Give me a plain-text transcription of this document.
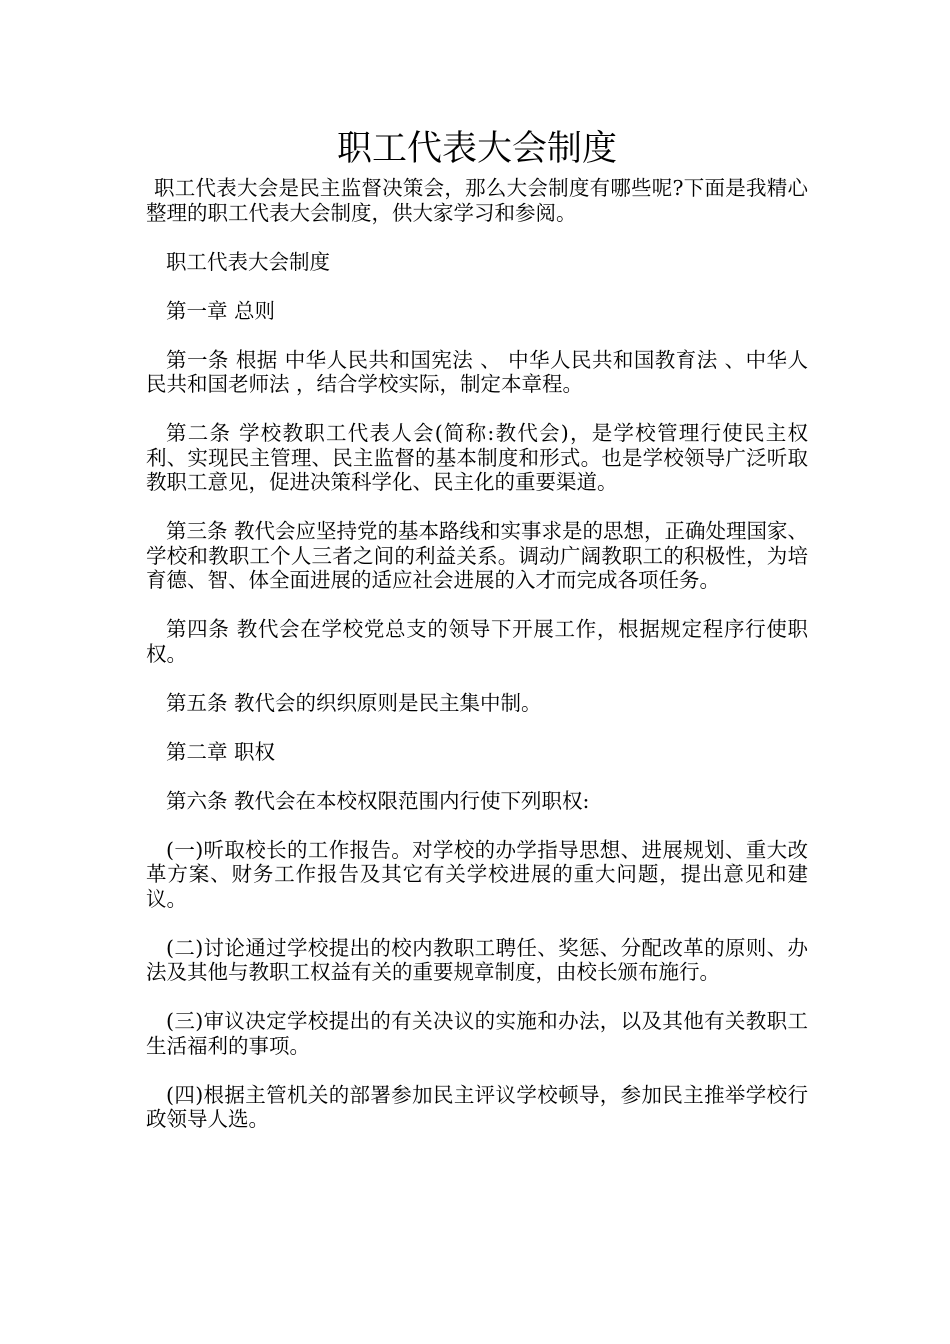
职工代表大会制度

职工代表大会是民主监督决策会，那么大会制度有哪些呢?下面是我精心整理的职工代表大会制度，供大家学习和参阅。

职工代表大会制度

第一章 总则

第一条 根据 中华人民共和国宪法 、 中华人民共和国教育法 、中华人民共和国老师法 ，结合学校实际，制定本章程。

第二条 学校教职工代表人会(简称:教代会)，是学校管理行使民主权利、实现民主管理、民主监督的基本制度和形式。也是学校领导广泛听取教职工意见，促进决策科学化、民主化的重要渠道。

第三条 教代会应坚持党的基本路线和实事求是的思想，正确处理国家、学校和教职工个人三者之间的利益关系。调动广阔教职工的积极性，为培育德、智、体全面进展的适应社会进展的入才而完成各项任务。

第四条 教代会在学校党总支的领导下开展工作，根据规定程序行使职权。

第五条 教代会的织织原则是民主集中制。

第二章 职权

第六条 教代会在本校权限范围内行使下列职权:

(一)听取校长的工作报告。对学校的办学指导思想、进展规划、重大改革方案、财务工作报告及其它有关学校进展的重大问题，提出意见和建议。

(二)讨论通过学校提出的校内教职工聘任、奖惩、分配改革的原则、办法及其他与教职工权益有关的重要规章制度，由校长颁布施行。

(三)审议决定学校提出的有关决议的实施和办法，以及其他有关教职工生活福利的事项。

(四)根据主管机关的部署参加民主评议学校顿导，参加民主推举学校行政领导人选。
